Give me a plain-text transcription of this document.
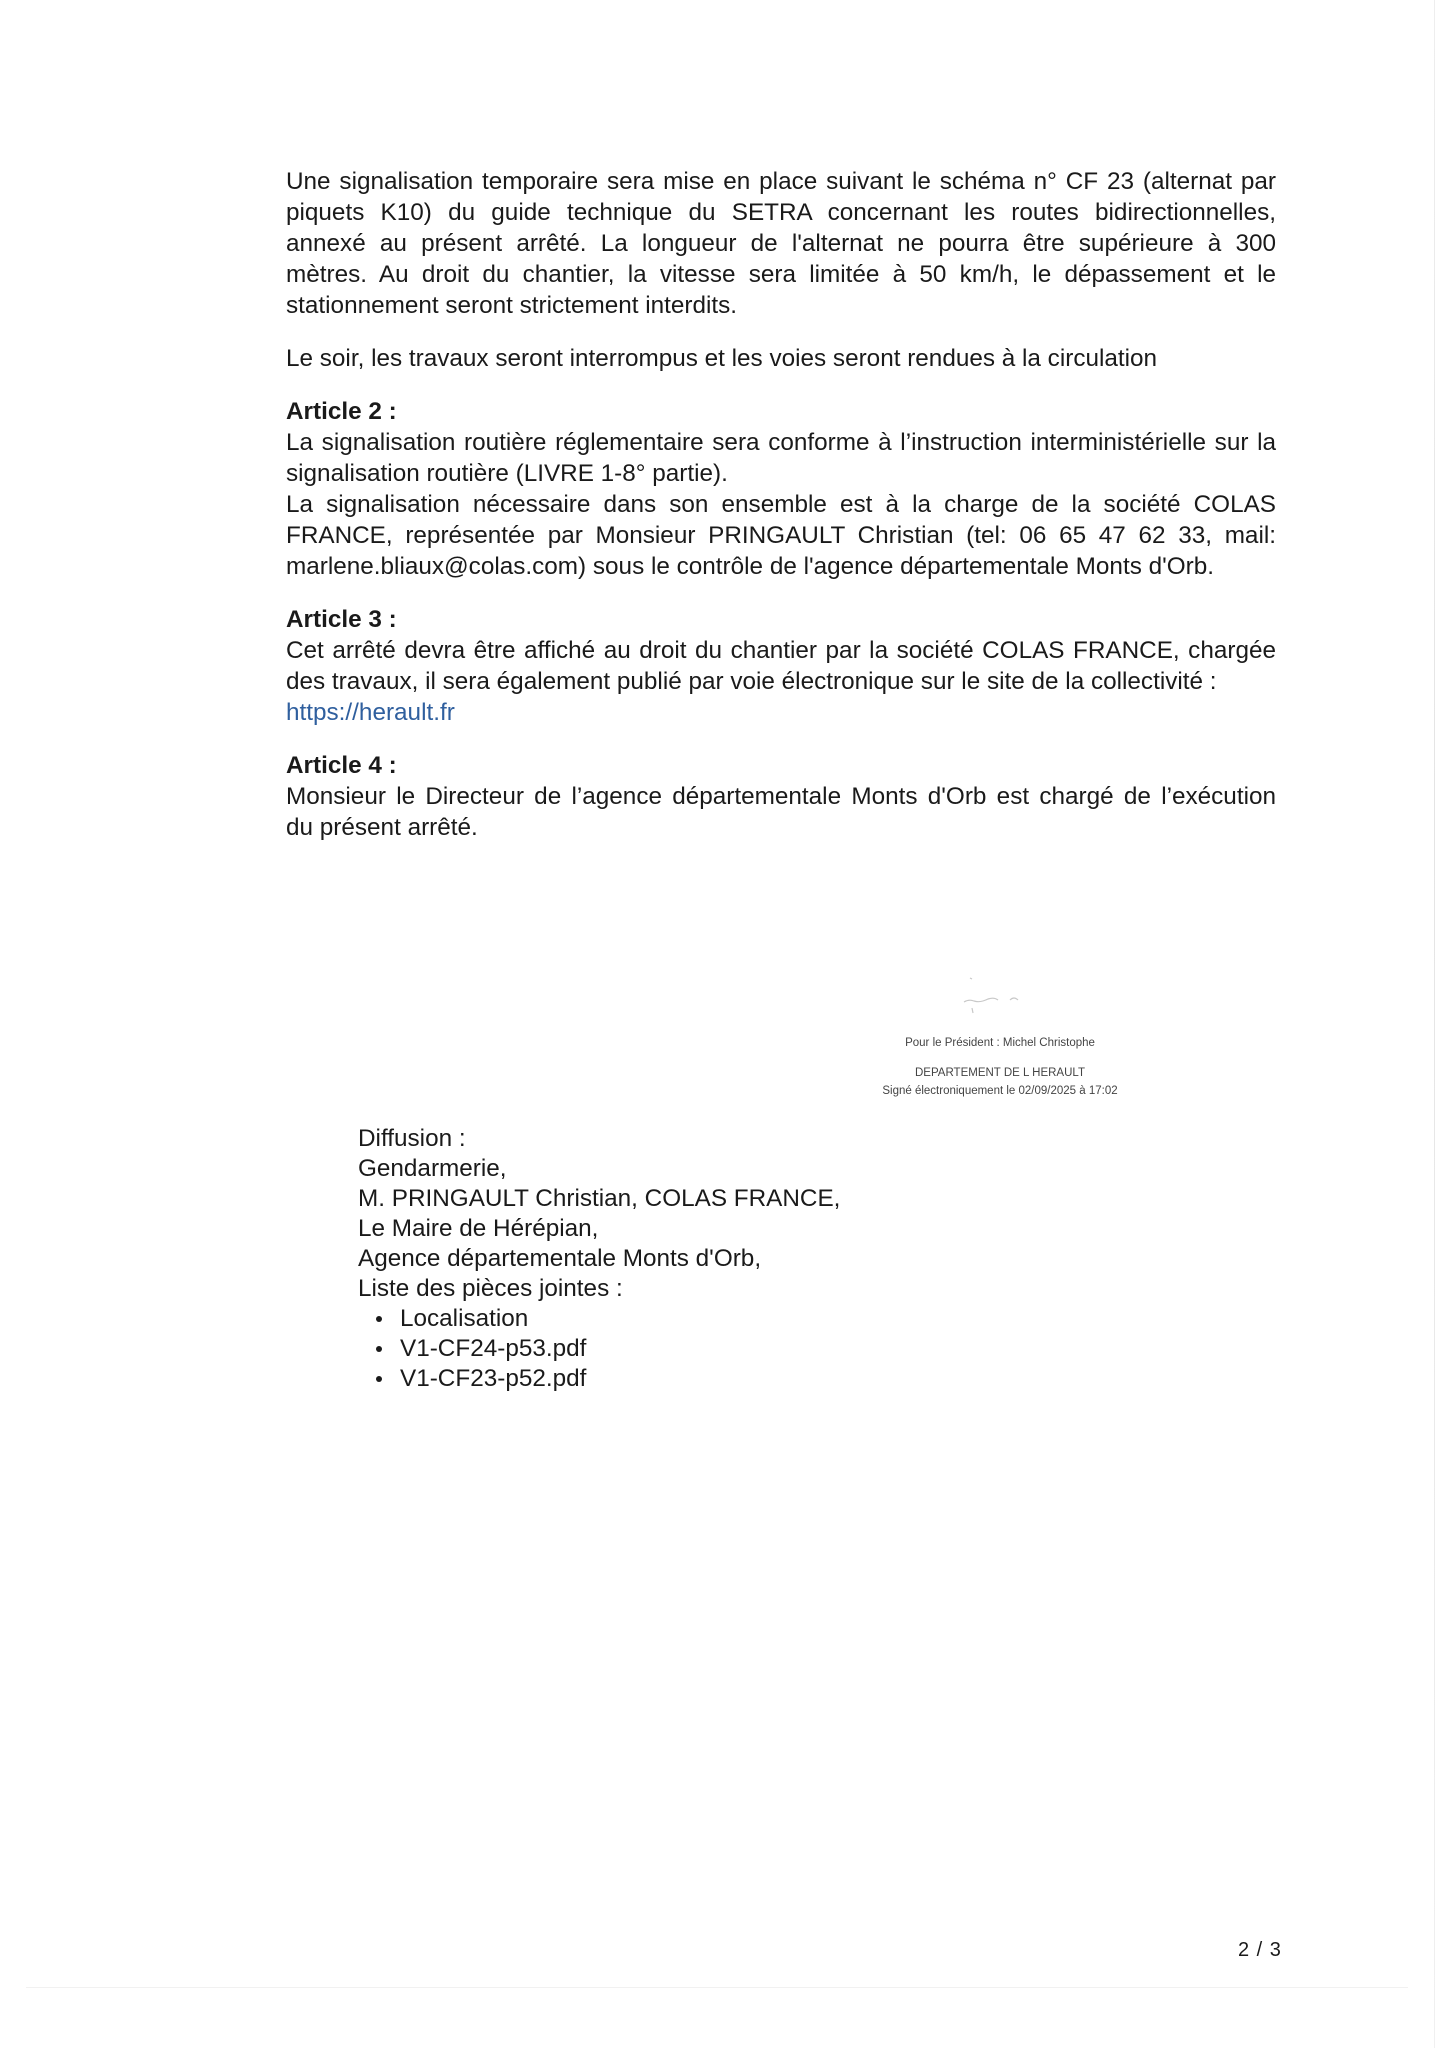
Une signalisation temporaire sera mise en place suivant le schéma n° CF 23 (alternat par

piquets K10) du guide technique du SETRA concernant les routes bidirectionnelles,

annexé au présent arrêté. La longueur de l'alternat ne pourra être supérieure à 300

mètres. Au droit du chantier, la vitesse sera limitée à 50 km/h, le dépassement et le

stationnement seront strictement interdits.

Le soir, les travaux seront interrompus et les voies seront rendues à la circulation

Article 2 :

La signalisation routière réglementaire sera conforme à l’instruction interministérielle sur la

signalisation routière (LIVRE 1-8° partie).

La signalisation nécessaire dans son ensemble est à la charge de la société COLAS

FRANCE, représentée par Monsieur PRINGAULT Christian (tel: 06 65 47 62 33, mail:

marlene.bliaux@colas.com) sous le contrôle de l'agence départementale Monts d'Orb.

Article 3 :

Cet arrêté devra être affiché au droit du chantier par la société COLAS FRANCE, chargée

des travaux, il sera également publié par voie électronique sur le site de la collectivité :

https://herault.fr

Article 4 :

Monsieur le Directeur de l’agence départementale Monts d'Orb est chargé de l’exécution

du présent arrêté.

Pour le Président : Michel Christophe
DEPARTEMENT DE L HERAULT
Signé électroniquement le 02/09/2025 à 17:02

Diffusion :

Gendarmerie,

M. PRINGAULT Christian, COLAS FRANCE,

Le Maire de Hérépian,

Agence départementale Monts d'Orb,

Liste des pièces jointes :

Localisation
V1-CF24-p53.pdf
V1-CF23-p52.pdf
2 / 3
